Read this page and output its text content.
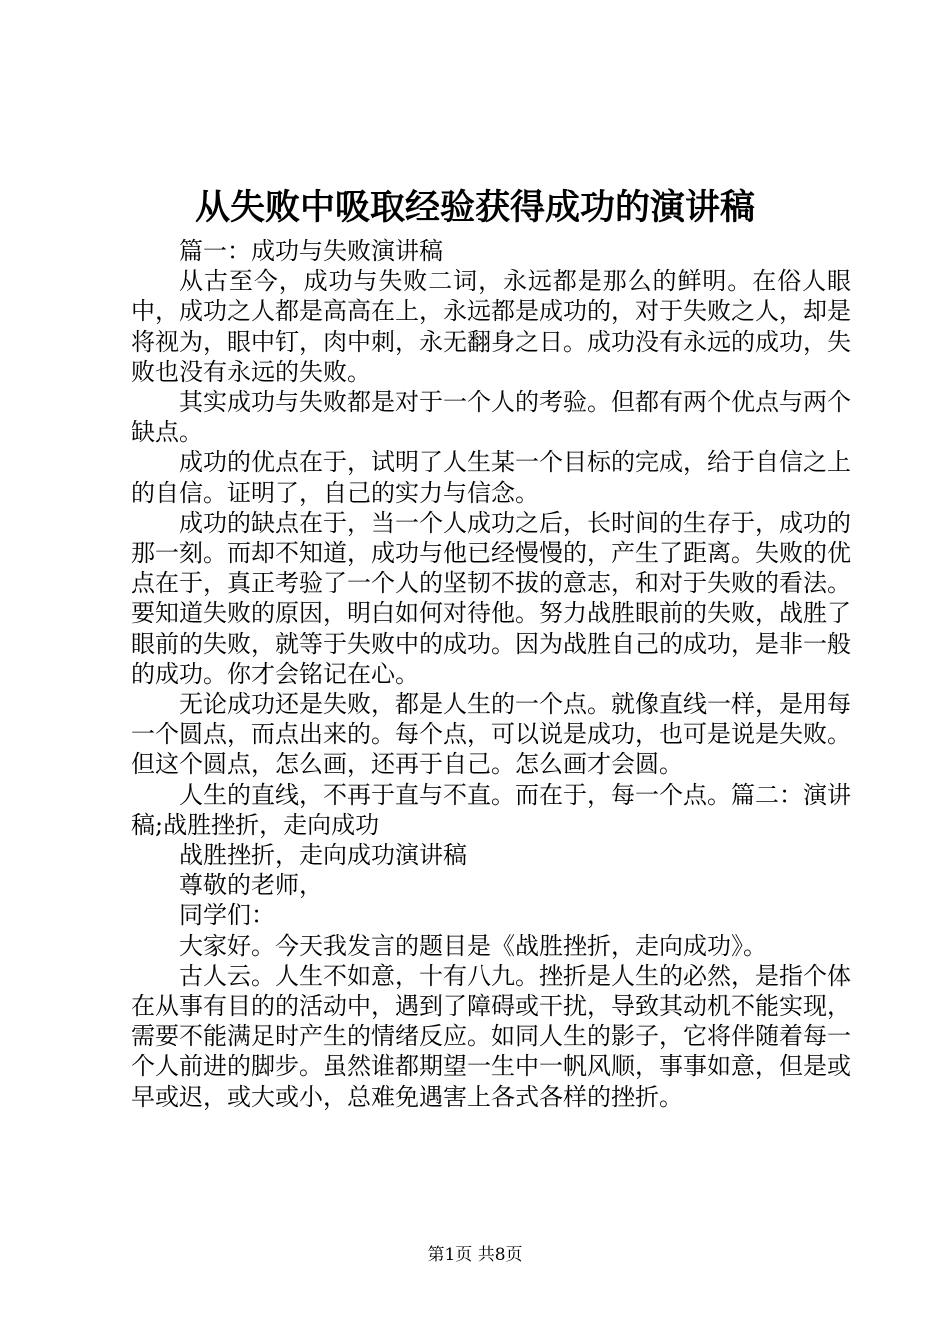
从失败中吸取经验获得成功的演讲稿

篇一：成功与失败演讲稿

从古至今，成功与失败二词，永远都是那么的鲜明。在俗人眼中，成功之人都是高高在上，永远都是成功的，对于失败之人，却是将视为，眼中钉，肉中刺，永无翻身之日。成功没有永远的成功，失败也没有永远的失败。

其实成功与失败都是对于一个人的考验。但都有两个优点与两个缺点。

成功的优点在于，试明了人生某一个目标的完成，给于自信之上的自信。证明了，自己的实力与信念。

成功的缺点在于，当一个人成功之后，长时间的生存于，成功的那一刻。而却不知道，成功与他已经慢慢的，产生了距离。失败的优点在于，真正考验了一个人的坚韧不拔的意志，和对于失败的看法。要知道失败的原因，明白如何对待他。努力战胜眼前的失败，战胜了眼前的失败，就等于失败中的成功。因为战胜自己的成功，是非一般的成功。你才会铭记在心。

无论成功还是失败，都是人生的一个点。就像直线一样，是用每一个圆点，而点出来的。每个点，可以说是成功，也可是说是失败。但这个圆点，怎么画，还再于自己。怎么画才会圆。

人生的直线，不再于直与不直。而在于，每一个点。篇二：演讲稿;战胜挫折，走向成功

战胜挫折，走向成功演讲稿

尊敬的老师，

同学们：

大家好。今天我发言的题目是《战胜挫折，走向成功》。

古人云。人生不如意，十有八九。挫折是人生的必然，是指个体在从事有目的的活动中，遇到了障碍或干扰，导致其动机不能实现，需要不能满足时产生的情绪反应。如同人生的影子，它将伴随着每一个人前进的脚步。虽然谁都期望一生中一帆风顺，事事如意，但是或早或迟，或大或小，总难免遇害上各式各样的挫折。

第1页 共8页
